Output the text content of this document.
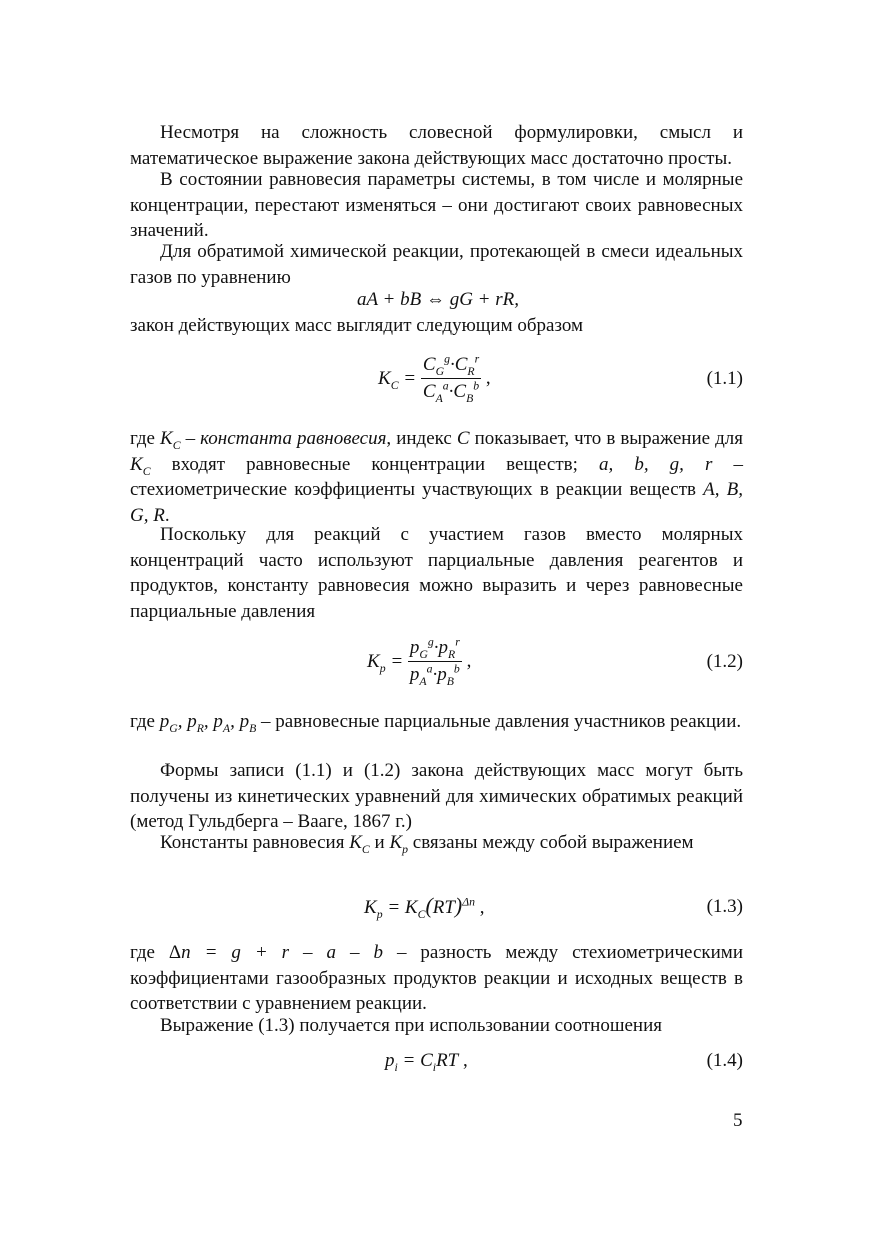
Несмотря на сложность словесной формулировки, смысл и математическое выражение закона действующих масс достаточно просты.

В состоянии равновесия параметры системы, в том числе и молярные концентрации, перестают изменяться – они достигают своих равновесных значений.

Для обратимой химической реакции, протекающей в смеси идеальных газов по уравнению

aA + bB ⇔ gG + rR,

закон действующих масс выглядит следующим образом

$K_C = \frac{C_G^g\cdot C_R^r}{C_A^a\cdot C_B^b}$ ,	(1.1)

где $K_C$ – константа равновесия, индекс C показывает, что в выражение для $K_C$ входят равновесные концентрации веществ; a, b, g, r – стехиометрические коэффициенты участвующих в реакции веществ A, B, G, R.

Поскольку для реакций с участием газов вместо молярных концентраций часто используют парциальные давления реагентов и продуктов, константу равновесия можно выразить и через равновесные парциальные давления

$K_p = \frac{p_G^g\cdot p_R^r}{p_A^a\cdot p_B^b}$ ,	(1.2)

где $p_G$, $p_R$, $p_A$, $p_B$ – равновесные парциальные давления участников реакции.

Формы записи (1.1) и (1.2) закона действующих масс могут быть получены из кинетических уравнений для химических обратимых реакций (метод Гульдберга – Вааге, 1867 г.)

Константы равновесия $K_C$ и $K_p$ связаны между собой выражением

$K_p = K_C(RT)^{\Delta n}$ ,	(1.3)

где Δn = g + r – a – b – разность между стехиометрическими коэффициентами газообразных продуктов реакции и исходных веществ в соответствии с уравнением реакции.

Выражение (1.3) получается при использовании соотношения

$p_i = C_iRT$ ,	(1.4)
5
